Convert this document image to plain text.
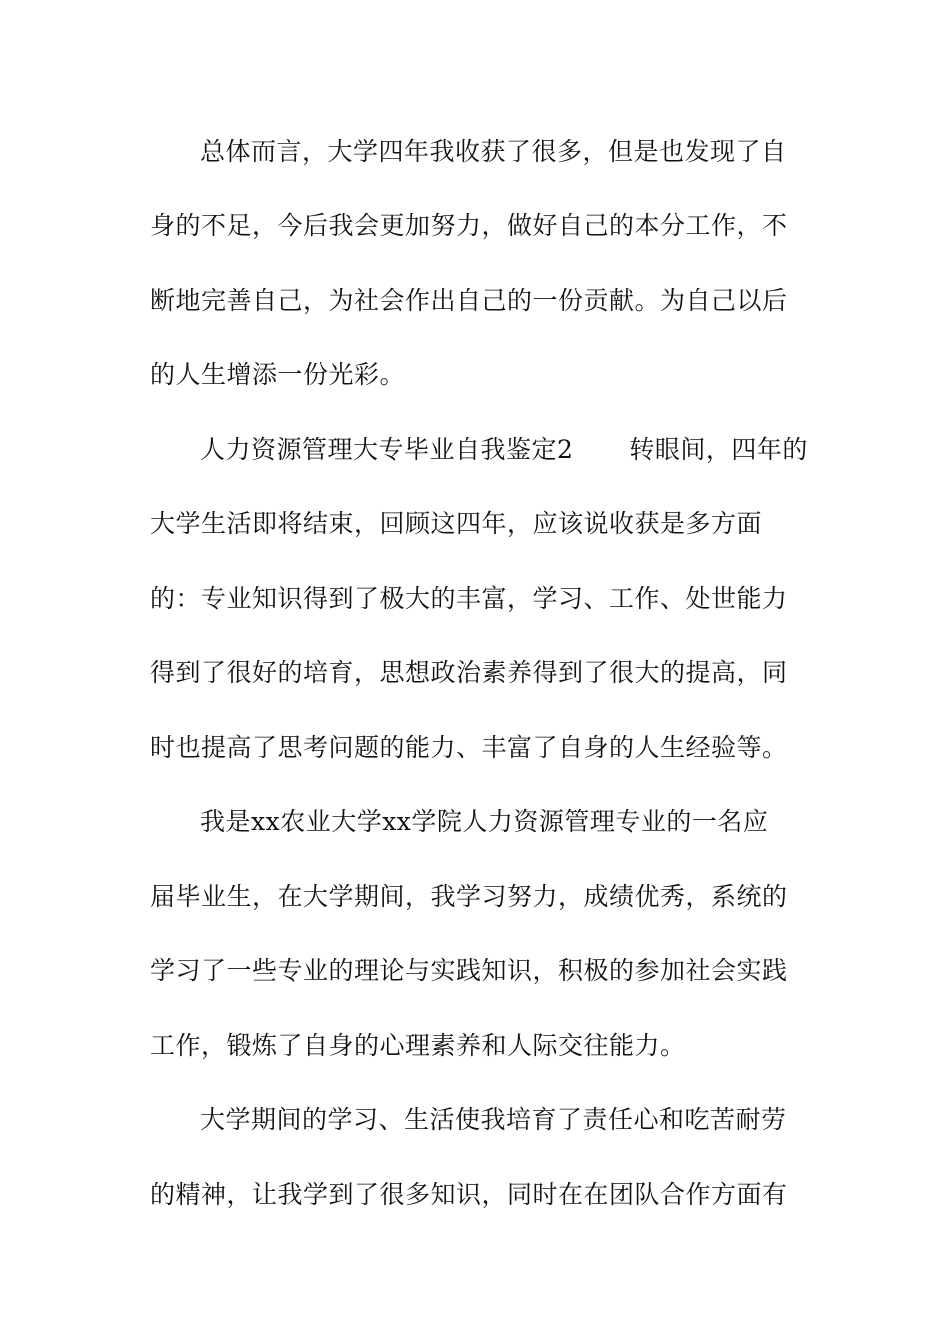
总体而言，大学四年我收获了很多，但是也发现了自
身的不足，今后我会更加努力，做好自己的本分工作，不
断地完善自己，为社会作出自己的一份贡献。为自己以后
的人生增添一份光彩。
人力资源管理大专毕业自我鉴定2 转眼间，四年的
大学生活即将结束，回顾这四年，应该说收获是多方面
的：专业知识得到了极大的丰富，学习、工作、处世能力
得到了很好的培育，思想政治素养得到了很大的提高，同
时也提高了思考问题的能力、丰富了自身的人生经验等。
我是xx农业大学xx学院人力资源管理专业的一名应
届毕业生，在大学期间，我学习努力，成绩优秀，系统的
学习了一些专业的理论与实践知识，积极的参加社会实践
工作，锻炼了自身的心理素养和人际交往能力。
大学期间的学习、生活使我培育了责任心和吃苦耐劳
的精神，让我学到了很多知识，同时在在团队合作方面有
